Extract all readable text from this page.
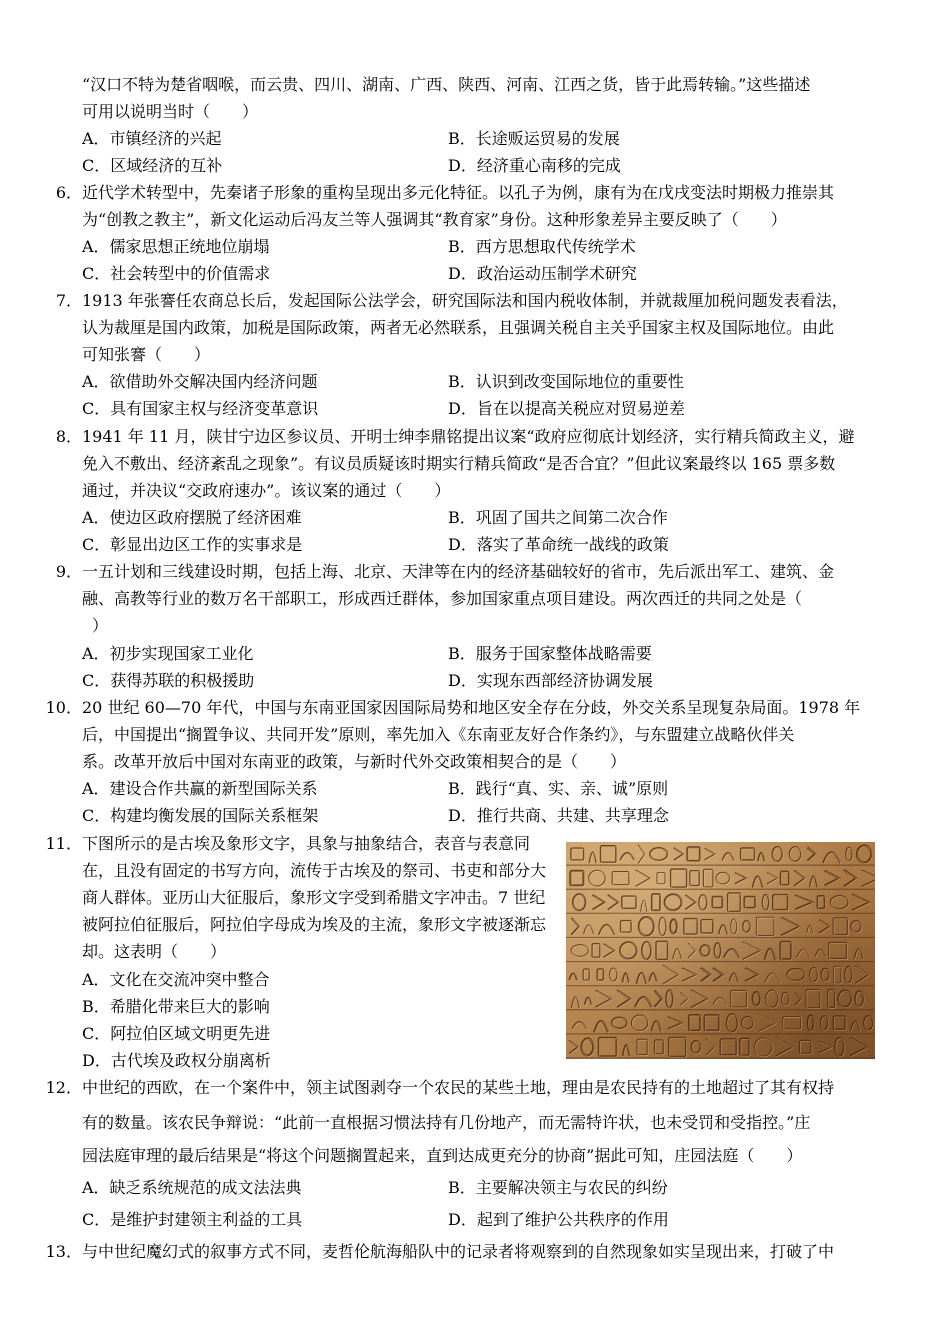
“汉口不特为楚省咽喉，而云贵、四川、湖南、广西、陕西、河南、江西之货，皆于此焉转输。”这些描述
可用以说明当时（　　）
A．市镇经济的兴起	B．长途贩运贸易的发展
C．区域经济的互补	D．经济重心南移的完成
6． 近代学术转型中，先秦诸子形象的重构呈现出多元化特征。以孔子为例，康有为在戊戌变法时期极力推崇其
为“创教之教主”，新文化运动后冯友兰等人强调其“教育家”身份。这种形象差异主要反映了（　　）
A．儒家思想正统地位崩塌	B．西方思想取代传统学术
C．社会转型中的价值需求	D．政治运动压制学术研究
7． 1913 年张謇任农商总长后，发起国际公法学会，研究国际法和国内税收体制，并就裁厘加税问题发表看法，
认为裁厘是国内政策，加税是国际政策，两者无必然联系，且强调关税自主关乎国家主权及国际地位。由此
可知张謇（　　）
A．欲借助外交解决国内经济问题	B．认识到改变国际地位的重要性
C．具有国家主权与经济变革意识	D．旨在以提高关税应对贸易逆差
8． 1941 年 11 月，陕甘宁边区参议员、开明士绅李鼎铭提出议案“政府应彻底计划经济，实行精兵简政主义，避
免入不敷出、经济紊乱之现象”。有议员质疑该时期实行精兵简政“是否合宜？”但此议案最终以 165 票多数
通过，并决议“交政府速办”。该议案的通过（　　）
A．使边区政府摆脱了经济困难	B．巩固了国共之间第二次合作
C．彰显出边区工作的实事求是	D．落实了革命统一战线的政策
9． 一五计划和三线建设时期，包括上海、北京、天津等在内的经济基础较好的省市，先后派出军工、建筑、金
融、高教等行业的数万名干部职工，形成西迁群体，参加国家重点项目建设。两次西迁的共同之处是（
）
A．初步实现国家工业化	B．服务于国家整体战略需要
C．获得苏联的积极援助	D．实现东西部经济协调发展
10． 20 世纪 60—70 年代，中国与东南亚国家因国际局势和地区安全存在分歧，外交关系呈现复杂局面。1978 年
后，中国提出“搁置争议、共同开发”原则，率先加入《东南亚友好合作条约》，与东盟建立战略伙伴关
系。改革开放后中国对东南亚的政策，与新时代外交政策相契合的是（　　）
A．建设合作共赢的新型国际关系	B．践行“真、实、亲、诚”原则
C．构建均衡发展的国际关系框架	D．推行共商、共建、共享理念
11． 下图所示的是古埃及象形文字，具象与抽象结合，表音与表意同
在，且没有固定的书写方向，流传于古埃及的祭司、书吏和部分大
商人群体。亚历山大征服后，象形文字受到希腊文字冲击。7 世纪
被阿拉伯征服后，阿拉伯字母成为埃及的主流，象形文字被逐渐忘
却。这表明（　　）
A．文化在交流冲突中整合
B．希腊化带来巨大的影响
C．阿拉伯区域文明更先进
D．古代埃及政权分崩离析
12． 中世纪的西欧，在一个案件中，领主试图剥夺一个农民的某些土地，理由是农民持有的土地超过了其有权持
有的数量。该农民争辩说：“此前一直根据习惯法持有几份地产，而无需特许状，也未受罚和受指控。”庄
园法庭审理的最后结果是“将这个问题搁置起来，直到达成更充分的协商”据此可知，庄园法庭（　　）
A．缺乏系统规范的成文法法典	B．主要解决领主与农民的纠纷
C．是维护封建领主利益的工具	D．起到了维护公共秩序的作用
13． 与中世纪魔幻式的叙事方式不同，麦哲伦航海船队中的记录者将观察到的自然现象如实呈现出来，打破了中
